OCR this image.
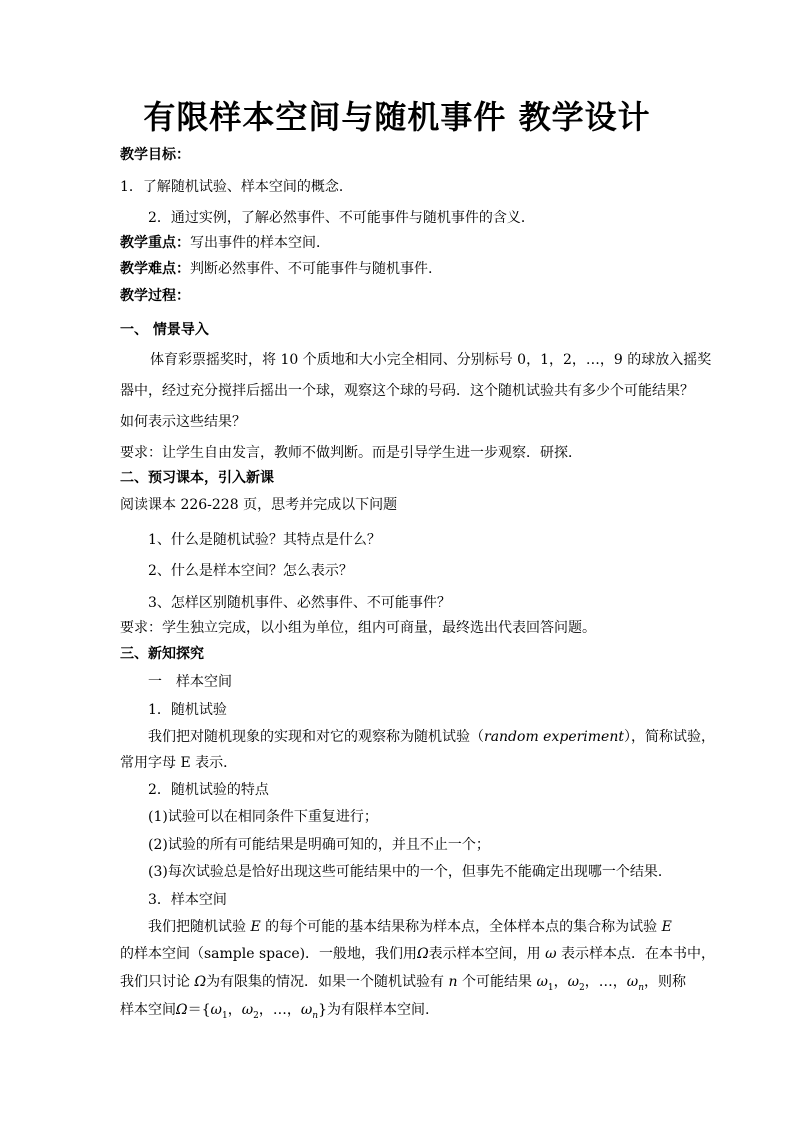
有限样本空间与随机事件 教学设计
教学目标：
1．了解随机试验、样本空间的概念．
2．通过实例，了解必然事件、不可能事件与随机事件的含义．
教学重点：写出事件的样本空间．
教学难点：判断必然事件、不可能事件与随机事件.
教学过程：
一、 情景导入
体育彩票摇奖时，将 10 个质地和大小完全相同、分别标号 0，1，2，…，9 的球放入摇奖
器中，经过充分搅拌后摇出一个球，观察这个球的号码．这个随机试验共有多少个可能结果？
如何表示这些结果？
要求：让学生自由发言，教师不做判断。而是引导学生进一步观察．研探．
二、预习课本，引入新课
阅读课本 226-228 页，思考并完成以下问题
1、什么是随机试验？其特点是什么？
2、什么是样本空间？怎么表示？
3、怎样区别随机事件、必然事件、不可能事件？
要求：学生独立完成，以小组为单位，组内可商量，最终选出代表回答问题。
三、新知探究
一　样本空间
1．随机试验
我们把对随机现象的实现和对它的观察称为随机试验（random experiment），简称试验，
常用字母 E 表示．
2．随机试验的特点
(1)试验可以在相同条件下重复进行；
(2)试验的所有可能结果是明确可知的，并且不止一个；
(3)每次试验总是恰好出现这些可能结果中的一个，但事先不能确定出现哪一个结果．
3．样本空间
我们把随机试验 E 的每个可能的基本结果称为样本点，全体样本点的集合称为试验 E
的样本空间（sample space)．一般地，我们用Ω表示样本空间，用 ω 表示样本点．在本书中，
我们只讨论 Ω为有限集的情况．如果一个随机试验有 n 个可能结果 $\omega_1$，$\omega_2$，…，$\omega_n$，则称
样本空间$\Omega=\{\omega_1$，$\omega_2$，…，$\omega_n$}为有限样本空间.
